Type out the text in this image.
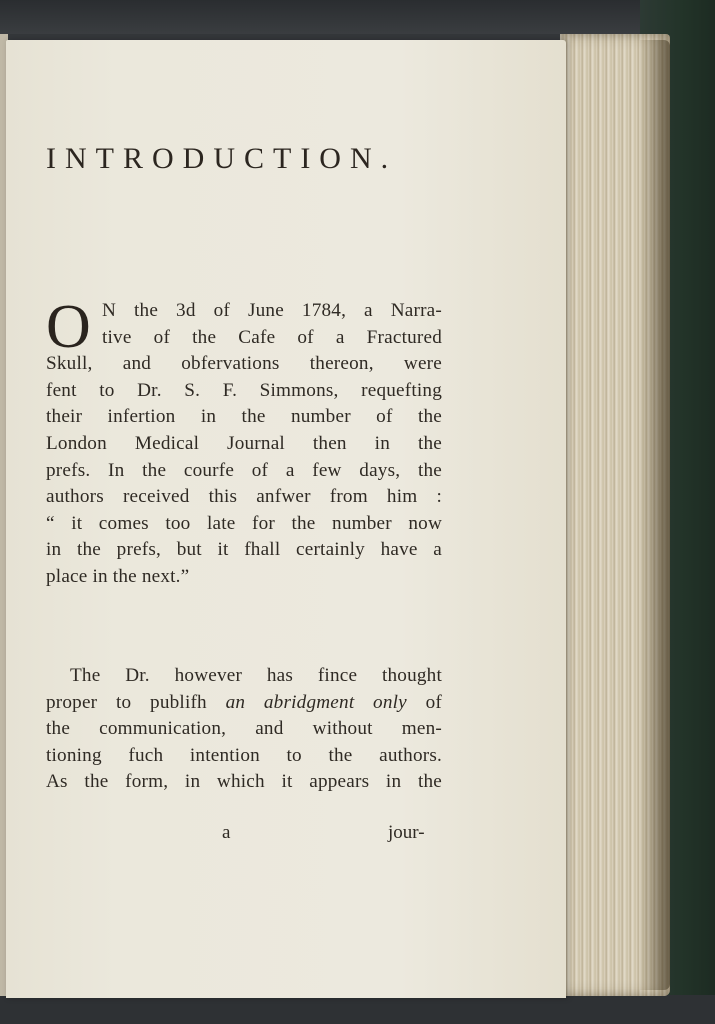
INTRODUCTION.
O N the 3d of June 1784, a Narra-
tive of the Cafe of a Fractured
Skull, and obfervations thereon, were
fent to Dr. S. F. Simmons, requefting
their infertion in the number of the
London Medical Journal then in the
prefs. In the courfe of a few days, the
authors received this anfwer from him :
“ it comes too late for the number now
in the prefs, but it fhall certainly have a
place in the next.”
The Dr. however has fince thought
proper to publifh an abridgment only of
the communication, and without men-
tioning fuch intention to the authors.
As the form, in which it appears in the
a	jour-
